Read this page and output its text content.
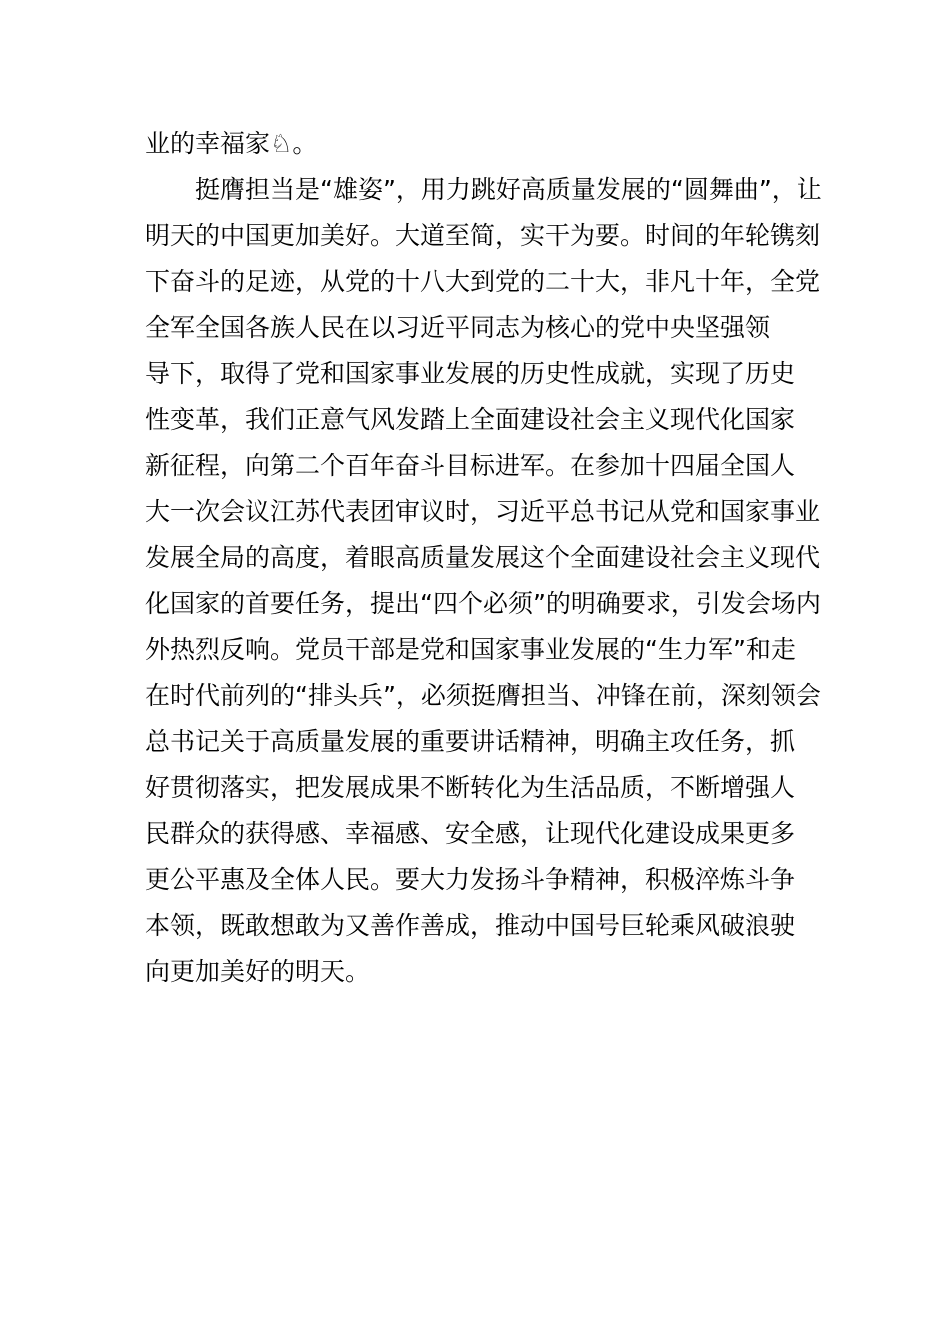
业的幸福家♘。
　　挺膺担当是“雄姿”，用力跳好高质量发展的“圆舞曲”，让
明天的中国更加美好。大道至简，实干为要。时间的年轮镌刻
下奋斗的足迹，从党的十八大到党的二十大，非凡十年，全党
全军全国各族人民在以习近平同志为核心的党中央坚强领
导下，取得了党和国家事业发展的历史性成就，实现了历史
性变革，我们正意气风发踏上全面建设社会主义现代化国家
新征程，向第二个百年奋斗目标进军。在参加十四届全国人
大一次会议江苏代表团审议时，习近平总书记从党和国家事业
发展全局的高度，着眼高质量发展这个全面建设社会主义现代
化国家的首要任务，提出“四个必须”的明确要求，引发会场内
外热烈反响。党员干部是党和国家事业发展的“生力军”和走
在时代前列的“排头兵”，必须挺膺担当、冲锋在前，深刻领会
总书记关于高质量发展的重要讲话精神，明确主攻任务，抓
好贯彻落实，把发展成果不断转化为生活品质，不断增强人
民群众的获得感、幸福感、安全感，让现代化建设成果更多
更公平惠及全体人民。要大力发扬斗争精神，积极淬炼斗争
本领，既敢想敢为又善作善成，推动中国号巨轮乘风破浪驶
向更加美好的明天。
